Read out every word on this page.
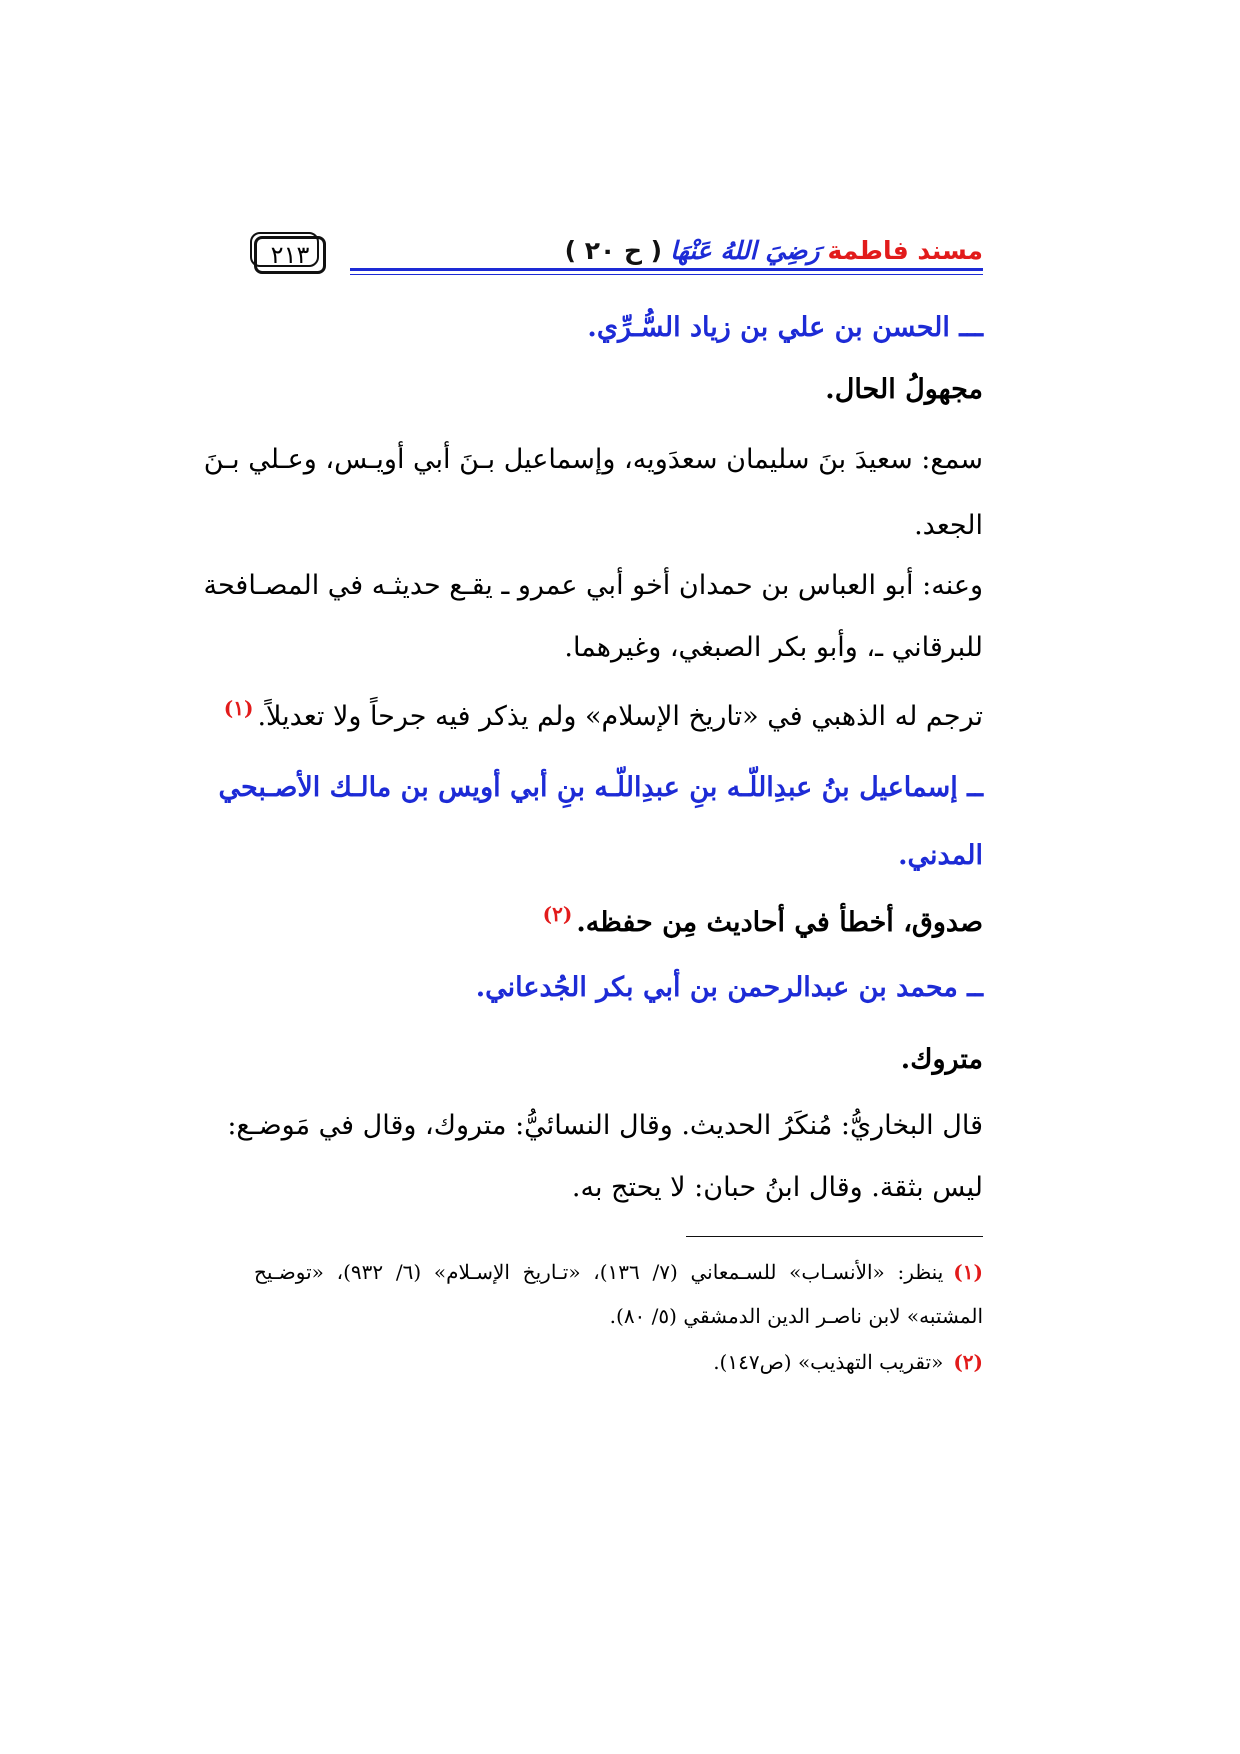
مسند فاطمة
رَضِيَ اللهُ عَنْهَا
( ح ٢٠ )
٢١٣
ـــ الحسن بن علي بن زياد السُّـرِّي.
مجهولُ الحال.
سمع: سعيدَ بنَ سليمان سعدَويه، وإسماعيل بـنَ أبي أويـس، وعـلي بـنَ
الجعد.
وعنه: أبو العباس بن حمدان أخو أبي عمرو ـ يقـع حديثـه في المصـافحة
للبرقاني ـ، وأبو بكر الصبغي، وغيرهما.
ترجم له الذهبي في «تاريخ الإسلام» ولم يذكر فيه جرحاً ولا تعديلاً.$^{(١)}$
ــ إسماعيل بنُ عبدِاللّـه بنِ عبدِاللّـه بنِ أبي أويس بن مالـك الأصـبحي
المدني.
صدوق، أخطأ في أحاديث مِن حفظه.$^{(٢)}$
ــ محمد بن عبدالرحمن بن أبي بكر الجُدعاني.
متروك.
قال البخاريُّ: مُنكَرُ الحديث. وقال النسائيُّ: متروك، وقال في مَوضـع:
ليس بثقة. وقال ابنُ حبان: لا يحتج به.
(١)ينظر: «الأنسـاب» للسـمعاني (٧/ ١٣٦)، «تـاريخ الإسـلام» (٦/ ٩٣٢)، «توضـيح
المشتبه» لابن ناصـر الدين الدمشقي (٥/ ٨٠).
(٢)«تقريب التهذيب» (ص١٤٧).
